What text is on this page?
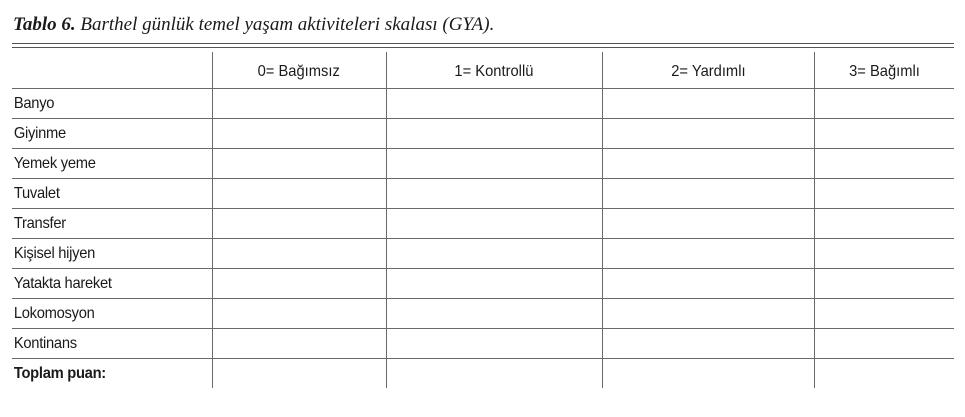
Tablo 6. Barthel günlük temel yaşam aktiviteleri skalası (GYA).
	0= Bağımsız	1= Kontrollü	2= Yardımlı	3= Bağımlı
Banyo				
Giyinme				
Yemek yeme				
Tuvalet				
Transfer				
Kişisel hijyen				
Yatakta hareket				
Lokomosyon				
Kontinans				
Toplam puan:				
